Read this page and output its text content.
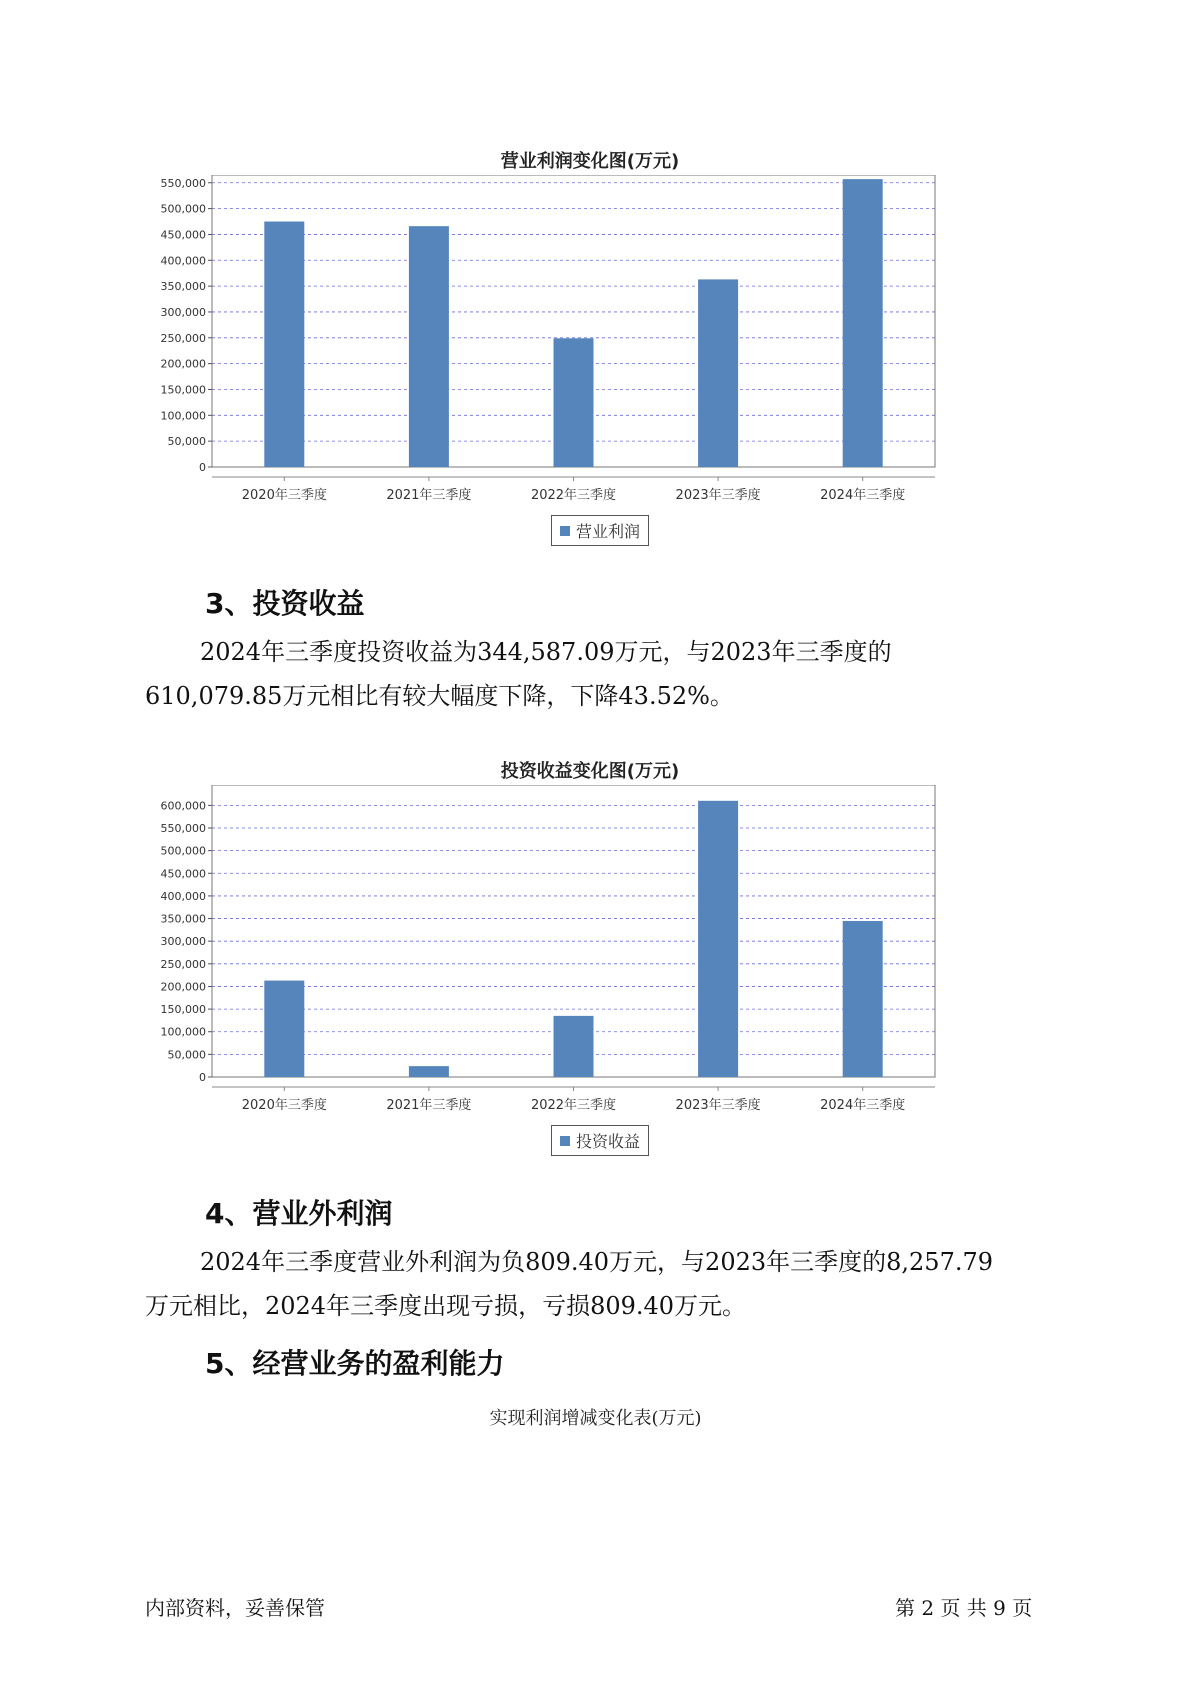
营业利润变化图(万元)
0
50,000
100,000
150,000
200,000
250,000
300,000
350,000
400,000
450,000
500,000
550,000
2020年三季度	2021年三季度	2022年三季度	2023年三季度	2024年三季度
营业利润
3、投资收益

2024年三季度投资收益为344,587.09万元，与2023年三季度的
610,079.85万元相比有较大幅度下降，下降43.52%。

投资收益变化图(万元)
0
50,000
100,000
150,000
200,000
250,000
300,000
350,000
400,000
450,000
500,000
550,000
600,000
2020年三季度	2021年三季度	2022年三季度	2023年三季度	2024年三季度
投资收益
4、营业外利润

2024年三季度营业外利润为负809.40万元，与2023年三季度的8,257.79
万元相比，2024年三季度出现亏损，亏损809.40万元。

5、经营业务的盈利能力
实现利润增减变化表(万元)
内部资料，妥善保管	第 2 页 共 9 页
